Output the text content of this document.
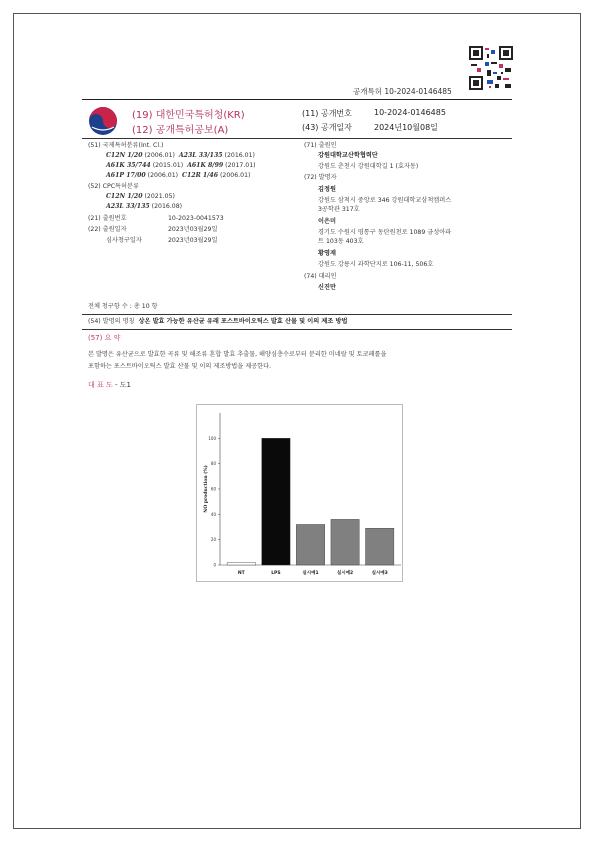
공개특허 10-2024-0146485
(19) 대한민국특허청(KR)
(12) 공개특허공보(A)
(11) 공개번호	10-2024-0146485
(43) 공개일자	2024년10월08일
(51) 국제특허분류(Int. Cl.)
C12N 1/20 (2006.01) A23L 33/135 (2016.01)
A61K 35/744 (2015.01) A61K 8/99 (2017.01)
A61P 17/00 (2006.01) C12R 1/46 (2006.01)
(52) CPC특허분류
C12N 1/20 (2021.05)
A23L 33/135 (2016.08)
(21) 출원번호	10-2023-0041573
(22) 출원일자	2023년03월29일
심사청구일자	2023년03월29일
(71) 출원인
강원대학교산학협력단
강원도 춘천시 강원대학길 1 (효자동)
(72) 발명자
김정원
강원도 삼척시 중앙로 346 강원대학교삼척캠퍼스
3공학관 317호
이은미
경기도 수원시 영통구 동탄원천로 1089 금성아파
트 103동 403호
황영재
강원도 강릉시 과학단지로 106-11, 506호
(74) 대리인
신진만
전체 청구항 수 : 총 10 항
(54) 발명의 명칭 상온 발효 가능한 유산균 유래 포스트바이오틱스 발효 산물 및 이의 제조 방법
(57) 요 약
본 발명은 유산균으로 발효한 곡류 및 해조류 혼합 발효 추출물, 해양심층수로부터 분리한 미네랄 및 토코페롤을
포함하는 포스트바이오틱스 발효 산물 및 이의 제조방법을 제공한다.
대 표 도 - 도1
0
20
40
60
80
100
NO production (%)
NT	LPS	실시예1	실시예2	실시예3
